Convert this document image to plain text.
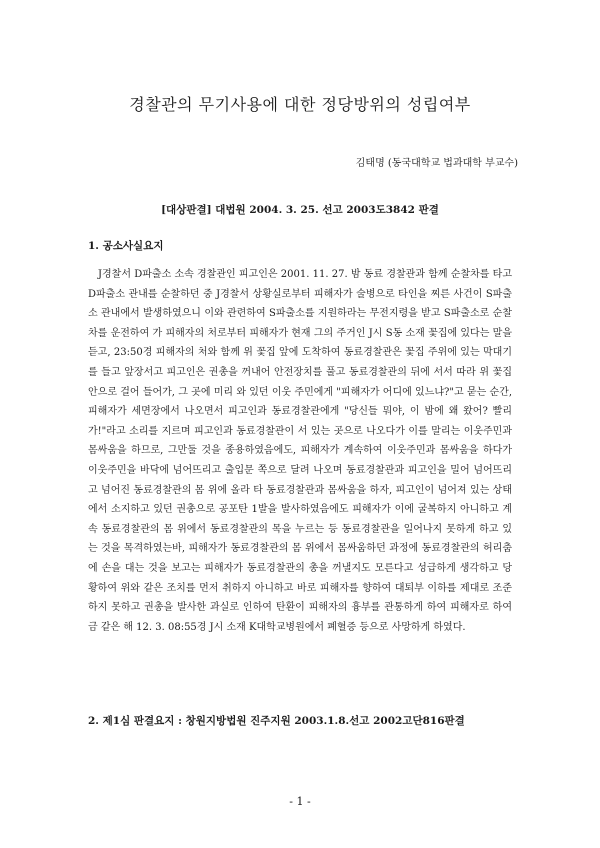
경찰관의 무기사용에 대한 정당방위의 성립여부
김태명 (동국대학교 법과대학 부교수)
[대상판결] 대법원 2004. 3. 25. 선고 2003도3842 판결
1. 공소사실요지

J경찰서 D파출소 소속 경찰관인 피고인은 2001. 11. 27. 밤 동료 경찰관과 함께 순찰차를 타고 D파출소 관내를 순찰하던 중 J경찰서 상황실로부터 피해자가 술병으로 타인을 찌른 사건이 S파출소 관내에서 발생하였으니 이와 관련하여 S파출소를 지원하라는 무전지령을 받고 S파출소로 순찰차를 운전하여 가 피해자의 처로부터 피해자가 현재 그의 주거인 J시 S동 소재 꽃집에 있다는 말을 듣고, 23:50경 피해자의 처와 함께 위 꽃집 앞에 도착하여 동료경찰관은 꽃집 주위에 있는 막대기를 들고 앞장서고 피고인은 권총을 꺼내어 안전장치를 풀고 동료경찰관의 뒤에 서서 따라 위 꽃집 안으로 걸어 들어가, 그 곳에 미리 와 있던 이웃 주민에게 "피해자가 어디에 있느냐?"고 묻는 순간, 피해자가 세면장에서 나오면서 피고인과 동료경찰관에게 "당신들 뭐야, 이 밤에 왜 왔어? 빨리 가!"라고 소리를 지르며 피고인과 동료경찰관이 서 있는 곳으로 나오다가 이를 말리는 이웃주민과 몸싸움을 하므로, 그만둘 것을 종용하였음에도, 피해자가 계속하여 이웃주민과 몸싸움을 하다가 이웃주민을 바닥에 넘어뜨리고 출입문 쪽으로 달려 나오며 동료경찰관과 피고인을 밀어 넘어뜨리고 넘어진 동료경찰관의 몸 위에 올라 타 동료경찰관과 몸싸움을 하자, 피고인이 넘어져 있는 상태에서 소지하고 있던 권총으로 공포탄 1발을 발사하였음에도 피해자가 이에 굴복하지 아니하고 계속 동료경찰관의 몸 위에서 동료경찰관의 목을 누르는 등 동료경찰관을 일어나지 못하게 하고 있는 것을 목격하였는바, 피해자가 동료경찰관의 몸 위에서 몸싸움하던 과정에 동료경찰관의 허리춤에 손을 대는 것을 보고는 피해자가 동료경찰관의 총을 꺼낼지도 모른다고 성급하게 생각하고 당황하여 위와 같은 조치를 먼저 취하지 아니하고 바로 피해자를 향하여 대퇴부 이하를 제대로 조준하지 못하고 권총을 발사한 과실로 인하여 탄환이 피해자의 흉부를 관통하게 하여 피해자로 하여금 같은 해 12. 3. 08:55경 J시 소재 K대학교병원에서 폐혈증 등으로 사망하게 하였다.

2. 제1심 판결요지 : 창원지방법원 진주지원 2003.1.8.선고 2002고단816판결
- 1 -
